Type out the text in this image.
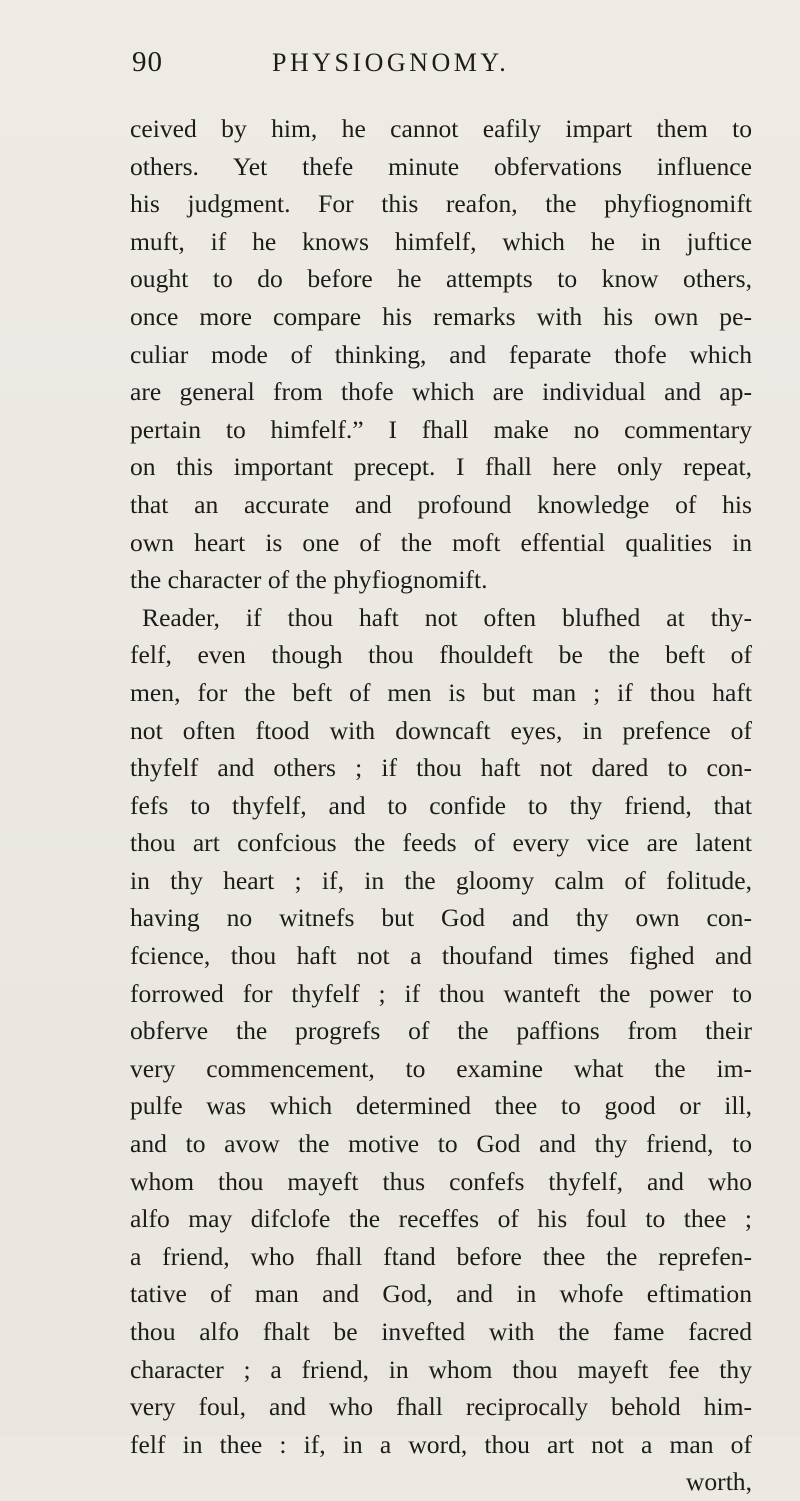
90	PHYSIOGNOMY.
ceived by him, he cannot eafily impart them to
others. Yet thefe minute obfervations influence
his judgment. For this reafon, the phyfiognomift
muft, if he knows himfelf, which he in juftice
ought to do before he attempts to know others,
once more compare his remarks with his own pe-
culiar mode of thinking, and feparate thofe which
are general from thofe which are individual and ap-
pertain to himfelf.” I fhall make no commentary
on this important precept. I fhall here only repeat,
that an accurate and profound knowledge of his
own heart is one of the moft effential qualities in
the character of the phyfiognomift.
Reader, if thou haft not often blufhed at thy-
felf, even though thou fhouldeft be the beft of
men, for the beft of men is but man ; if thou haft
not often ftood with downcaft eyes, in prefence of
thyfelf and others ; if thou haft not dared to con-
fefs to thyfelf, and to confide to thy friend, that
thou art confcious the feeds of every vice are latent
in thy heart ; if, in the gloomy calm of folitude,
having no witnefs but God and thy own con-
fcience, thou haft not a thoufand times fighed and
forrowed for thyfelf ; if thou wanteft the power to
obferve the progrefs of the paffions from their
very commencement, to examine what the im-
pulfe was which determined thee to good or ill,
and to avow the motive to God and thy friend, to
whom thou mayeft thus confefs thyfelf, and who
alfo may difclofe the receffes of his foul to thee ;
a friend, who fhall ftand before thee the reprefen-
tative of man and God, and in whofe eftimation
thou alfo fhalt be invefted with the fame facred
character ; a friend, in whom thou mayeft fee thy
very foul, and who fhall reciprocally behold him-
felf in thee : if, in a word, thou art not a man of
worth,
